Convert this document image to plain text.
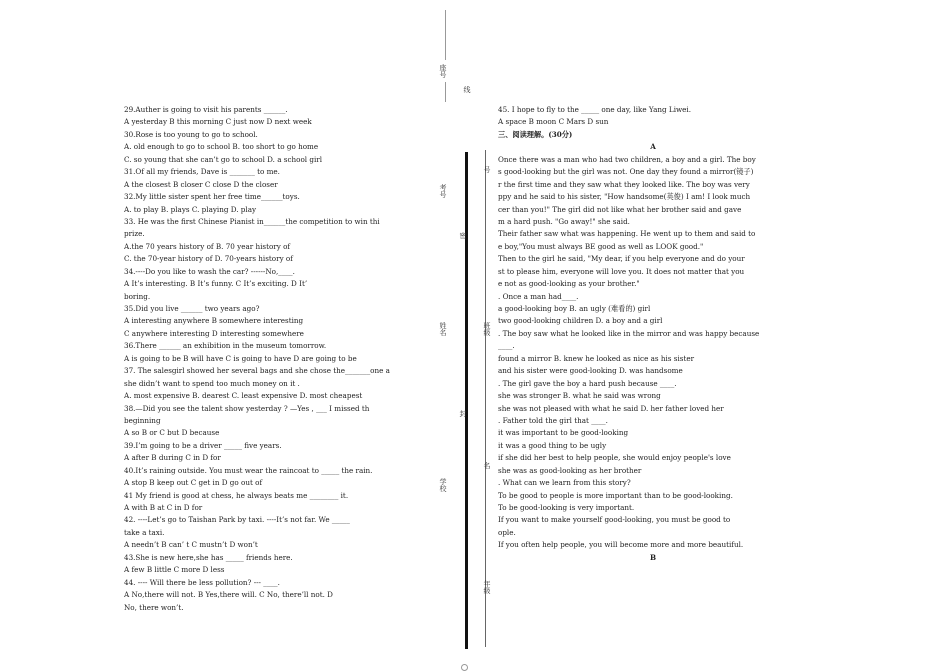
座号
线
考号
号
姓名	班级
学校
名
年级
封
密
29.Auther is going to visit his parents ______.
A yesterday B this morning C just now D next week
30.Rose is too young to go to school.
A. old enough to go to school B. too short to go home
C. so young that she can’t go to school D. a school girl
31.Of all my friends, Dave is _______ to me.
A the closest B closer C close D the closer
32.My little sister spent her free time______toys.
A. to play B. plays C. playing D. play
33. He was the first Chinese Pianist in______the competition to win thi
prize.
A.the 70 years history of B. 70 year history of
C. the 70-year history of D. 70-years history of
34.----Do you like to wash the car? ------No,____.
A It’s interesting. B It’s funny. C It’s exciting. D It’
boring.
35.Did you live ______ two years ago?
A interesting anywhere B somewhere interesting
C anywhere interesting D interesting somewhere
36.There ______ an exhibition in the museum tomorrow.
A is going to be B will have C is going to have D are going to be
37. The salesgirl showed her several bags and she chose the_______one a
she didn’t want to spend too much money on it .
A. most expensive B. dearest C. least expensive D. most cheapest
38.—Did you see the talent show yesterday ? —Yes , ___ I missed th
beginning
A so B or C but D because
39.I’m going to be a driver _____ five years.
A after B during C in D for
40.It’s raining outside. You must wear the raincoat to _____ the rain.
A stop B keep out C get in D go out of
41 My friend is good at chess, he always beats me ________ it.
A with B at C in D for
42. ----Let’s go to Taishan Park by taxi. ----It’s not far. We _____
take a taxi.
A needn’t B can’ t C mustn’t D won’t
43.She is new here,she has _____ friends here.
A few B little C more D less
44. ---- Will there be less pollution? --- ____.
A No,there will not. B Yes,there will. C No, there’ll not. D
No, there won’t.
45. I hope to fly to the _____ one day, like Yang Liwei.
A space B moon C Mars D sun
三、阅读理解。(30分)
A
Once there was a man who had two children, a boy and a girl. The boy
s good-looking but the girl was not. One day they found a mirror(镜子)
r the first time and they saw what they looked like. The boy was very
ppy and he said to his sister, "How handsome(英俊) I am! I look much
cer than you!" The girl did not like what her brother said and gave
m a hard push. "Go away!" she said.
Their father saw what was happening. He went up to them and said to
e boy,"You must always BE good as well as LOOK good."
Then to the girl he said, "My dear, if you help everyone and do your
st to please him, everyone will love you. It does not matter that you
e not as good-looking as your brother."
. Once a man had____.
a good-looking boy B. an ugly (难看的) girl
two good-looking children D. a boy and a girl
. The boy saw what he looked like in the mirror and was happy because
____.
found a mirror B. knew he looked as nice as his sister
and his sister were good-looking D. was handsome
. The girl gave the boy a hard push because ____.
she was stronger B. what he said was wrong
she was not pleased with what he said D. her father loved her
. Father told the girl that ____.
it was important to be good-looking
it was a good thing to be ugly
if she did her best to help people, she would enjoy people's love
she was as good-looking as her brother
. What can we learn from this story?
To be good to people is more important than to be good-looking.
To be good-looking is very important.
If you want to make yourself good-looking, you must be good to
ople.
If you often help people, you will become more and more beautiful.
B
